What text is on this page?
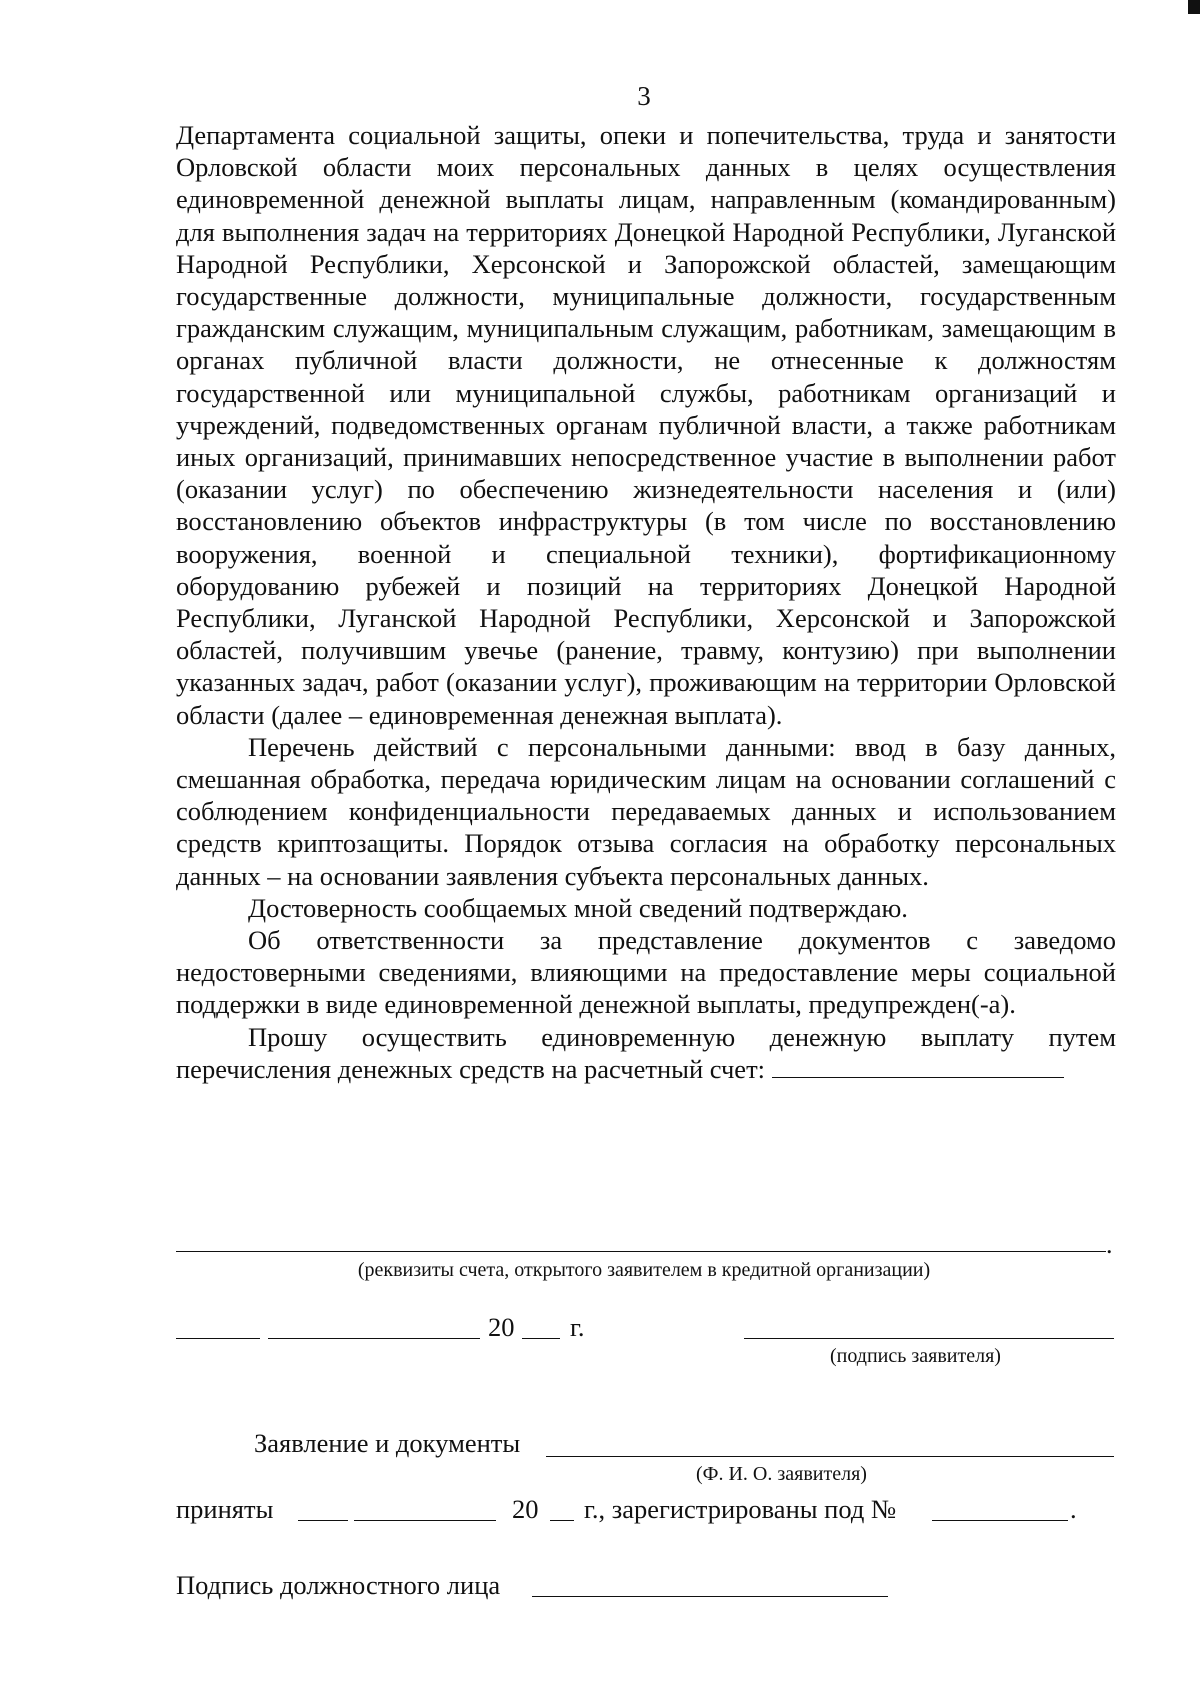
3

Департамента социальной защиты, опеки и попечительства, труда и занятости Орловской области моих персональных данных в целях осуществления единовременной денежной выплаты лицам, направленным (командированным) для выполнения задач на территориях Донецкой Народной Республики, Луганской Народной Республики, Херсонской и Запорожской областей, замещающим государственные должности, муниципальные должности, государственным гражданским служащим, муниципальным служащим, работникам, замещающим в органах публичной власти должности, не отнесенные к должностям государственной или муниципальной службы, работникам организаций и учреждений, подведомственных органам публичной власти, а также работникам иных организаций, принимавших непосредственное участие в выполнении работ (оказании услуг) по обеспечению жизнедеятельности населения и (или) восстановлению объектов инфраструктуры (в том числе по восстановлению вооружения, военной и специальной техники), фортификационному оборудованию рубежей и позиций на территориях Донецкой Народной Республики, Луганской Народной Республики, Херсонской и Запорожской областей, получившим увечье (ранение, травму, контузию) при выполнении указанных задач, работ (оказании услуг), проживающим на территории Орловской области (далее – единовременная денежная выплата).

Перечень действий с персональными данными: ввод в базу данных, смешанная обработка, передача юридическим лицам на основании соглашений с соблюдением конфиденциальности передаваемых данных и использованием средств криптозащиты. Порядок отзыва согласия на обработку персональных данных – на основании заявления субъекта персональных данных.

Достоверность сообщаемых мной сведений подтверждаю.

Об ответственности за представление документов с заведомо недостоверными сведениями, влияющими на предоставление меры социальной поддержки в виде единовременной денежной выплаты, предупрежден(-а).

Прошу осуществить единовременную денежную выплату путем перечисления денежных средств на расчетный счет:

.
(реквизиты счета, открытого заявителем в кредитной организации)
20 г.
(подпись заявителя)
Заявление и документы
(Ф. И. О. заявителя)
приняты	20 г., зарегистрированы под №	.
Подпись должностного лица
